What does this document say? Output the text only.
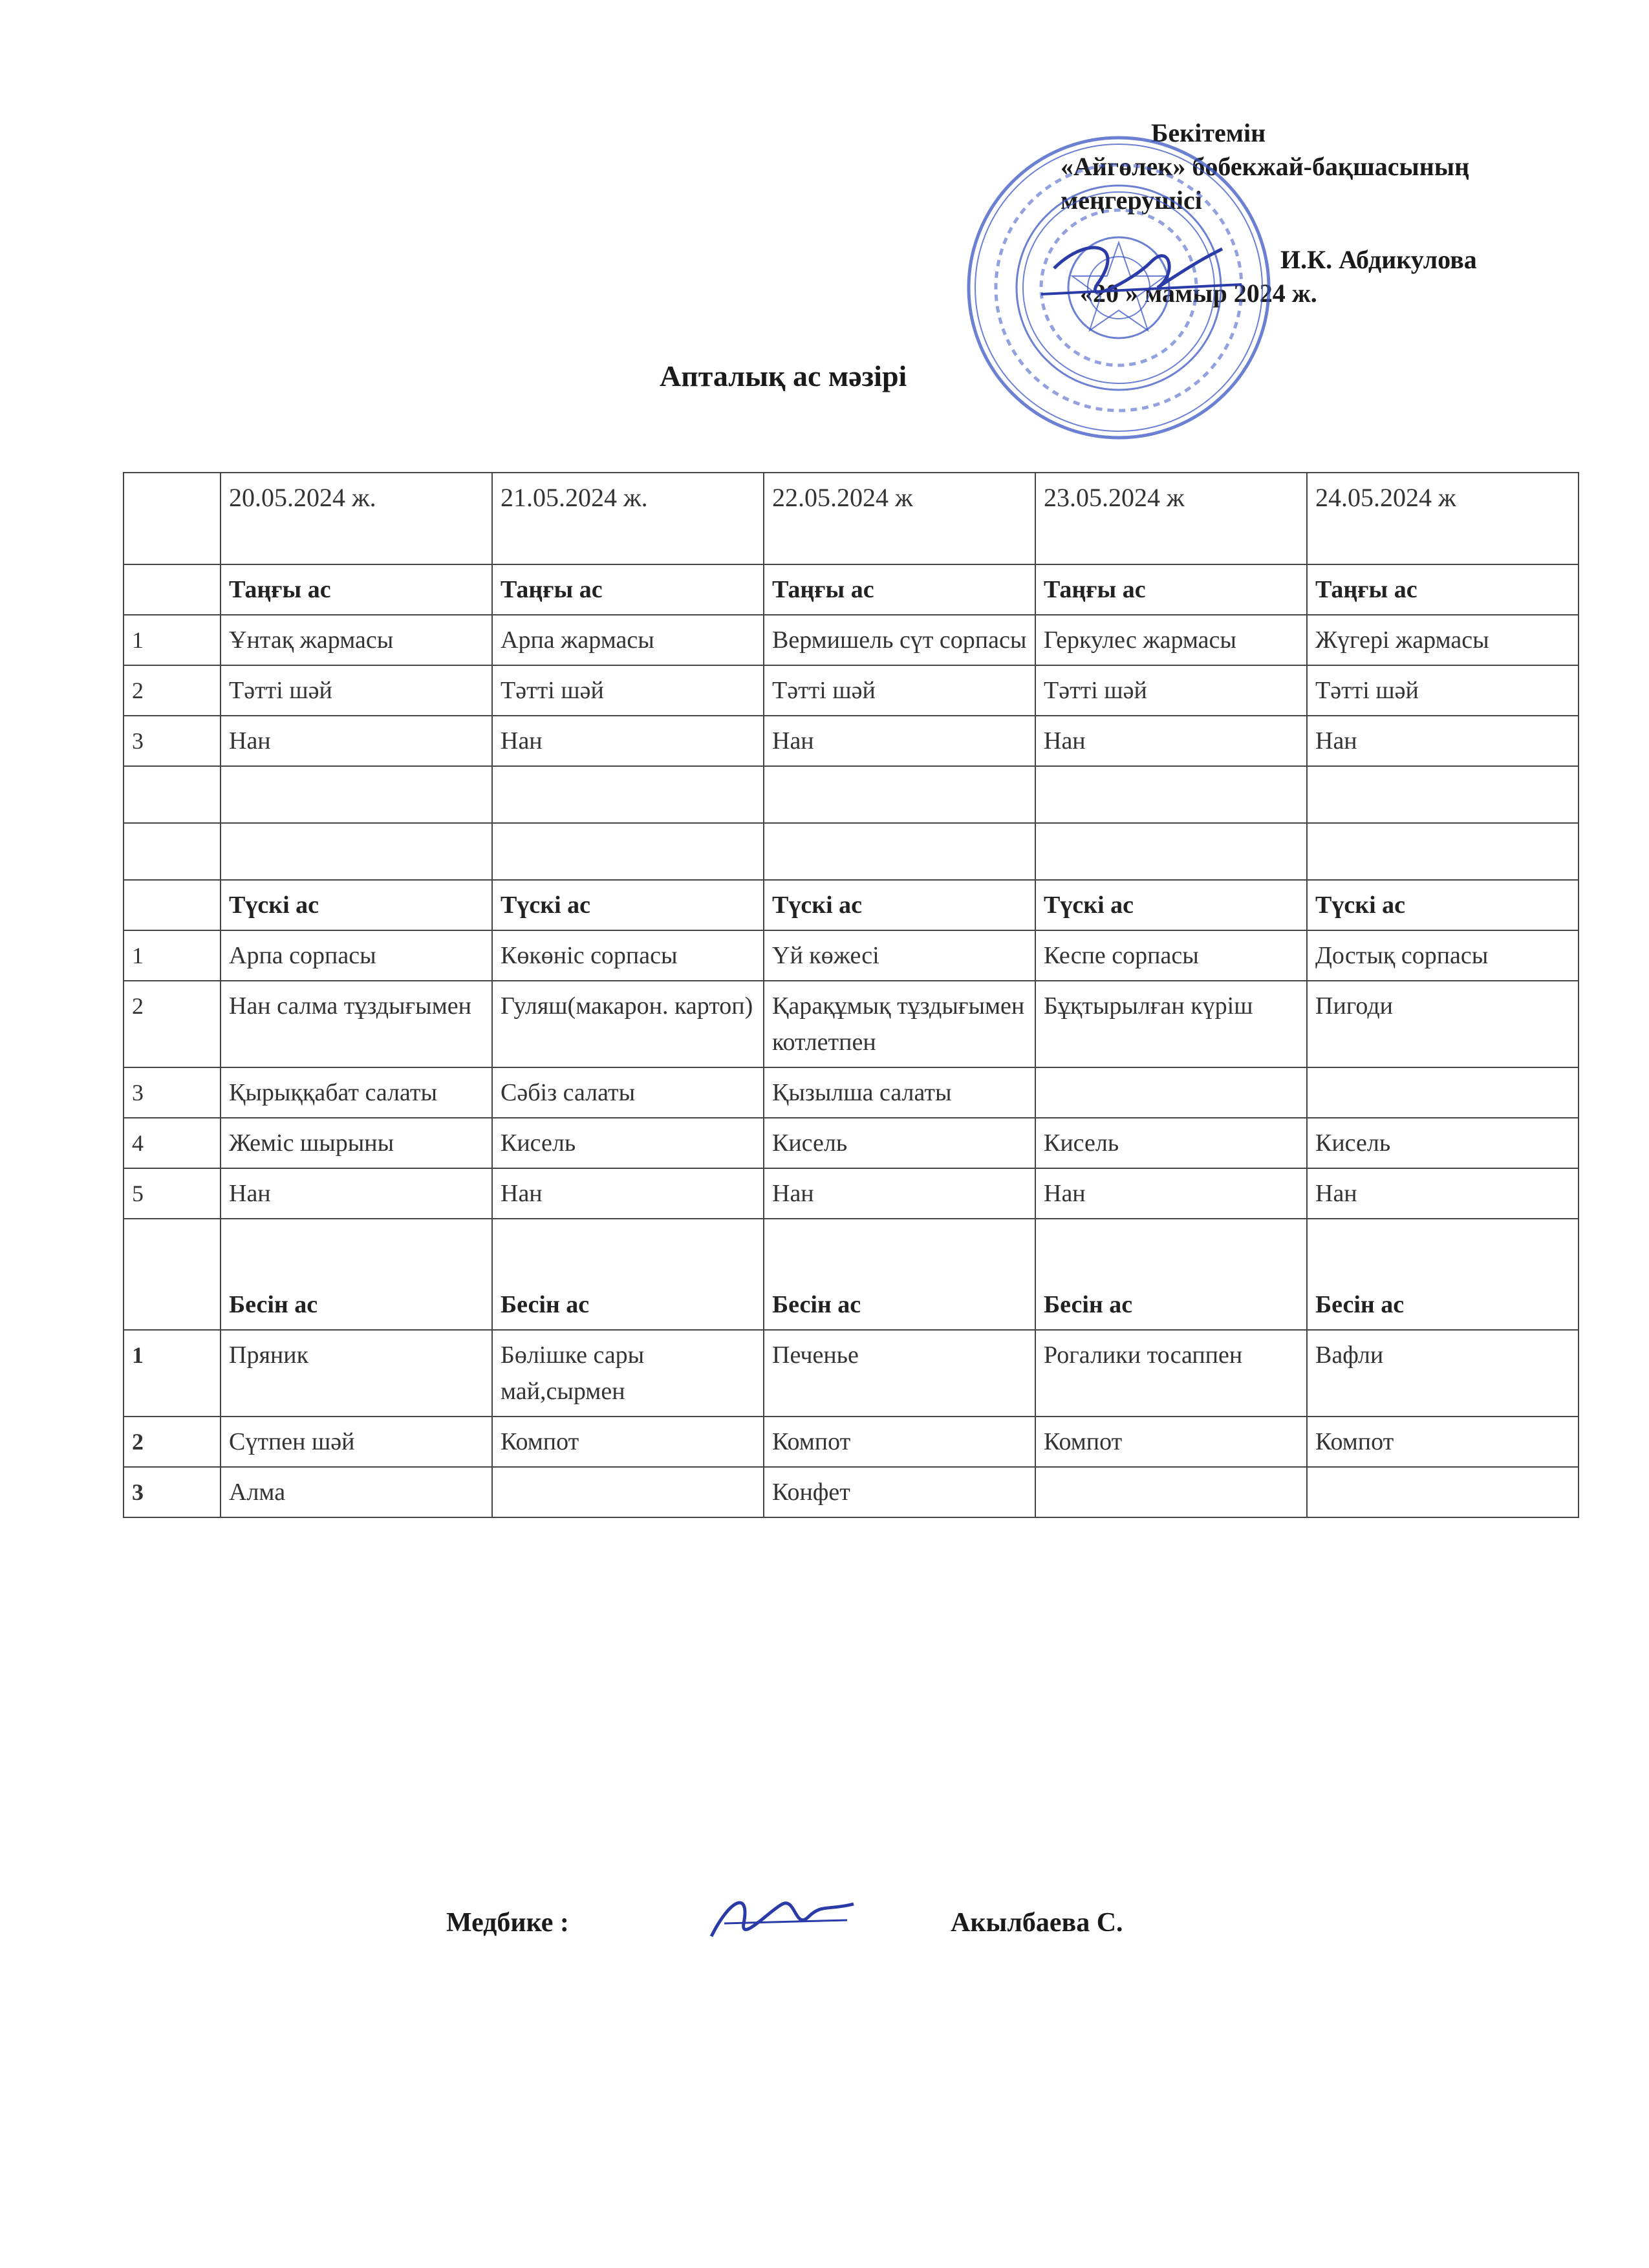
Бекітемін
«Айгөлек» бөбекжай-бақшасының
меңгерушісі
И.К. Абдикулова
«20 » мамыр 2024 ж.
Апталық ас мәзірі
	20.05.2024 ж.	21.05.2024 ж.	22.05.2024 ж	23.05.2024 ж	24.05.2024 ж
	Таңғы ас	Таңғы ас	Таңғы ас	Таңғы ас	Таңғы ас
1	Ұнтақ жармасы	Арпа жармасы	Вермишель сүт сорпасы	Геркулес жармасы	Жүгері жармасы
2	Тәтті шәй	Тәтті шәй	Тәтті шәй	Тәтті шәй	Тәтті шәй
3	Нан	Нан	Нан	Нан	Нан

	Түскі ас	Түскі ас	Түскі ас	Түскі ас	Түскі ас
1	Арпа сорпасы	Көкөніс сорпасы	Үй көжесі	Кеспе сорпасы	Достық сорпасы
2	Нан салма тұздығымен	Гуляш(макарон. картоп)	Қарақұмық тұздығымен котлетпен	Бұқтырылған күріш	Пигоди
3	Қырыққабат салаты	Сәбіз салаты	Қызылша салаты		
4	Жеміс шырыны	Кисель	Кисель	Кисель	Кисель
5	Нан	Нан	Нан	Нан	Нан
	Бесін ас	Бесін ас	Бесін ас	Бесін ас	Бесін ас
1	Пряник	Бөлішке сары май,сырмен	Печенье	Рогалики тосаппен	Вафли
2	Сүтпен шәй	Компот	Компот	Компот	Компот
3	Алма		Конфет		
Медбике :	Акылбаева С.
